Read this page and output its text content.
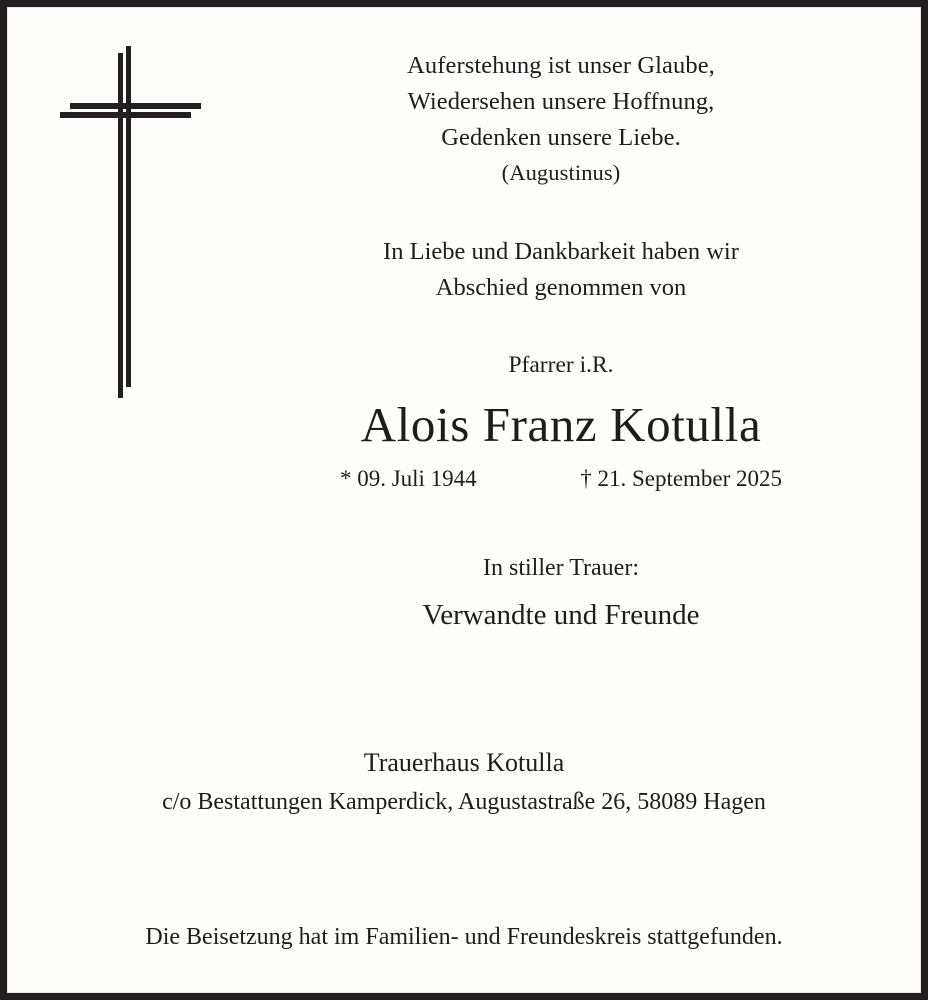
Auferstehung ist unser Glaube,
Wiedersehen unsere Hoffnung,
Gedenken unsere Liebe.
(Augustinus)
In Liebe und Dankbarkeit haben wir
Abschied genommen von
Pfarrer i.R.
Alois Franz Kotulla
* 09. Juli 1944	† 21. September 2025
In stiller Trauer:
Verwandte und Freunde
Trauerhaus Kotulla
c/o Bestattungen Kamperdick, Augustastraße 26, 58089 Hagen
Die Beisetzung hat im Familien- und Freundeskreis stattgefunden.
